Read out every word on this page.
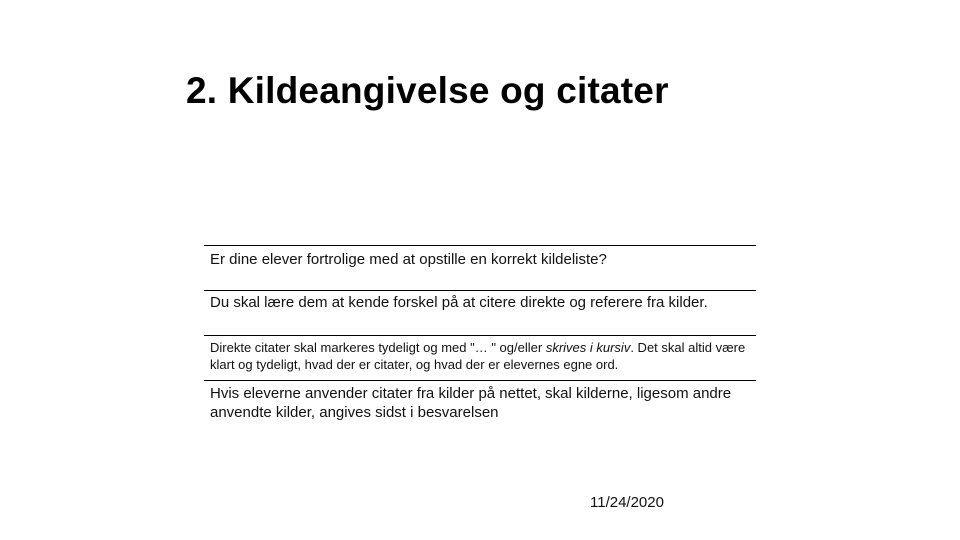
2. Kildeangivelse og citater
Er dine elever fortrolige med at opstille en korrekt kildeliste?
Du skal lære dem at kende forskel på at citere direkte og referere fra kilder.
Direkte citater skal markeres tydeligt og med "… " og/eller skrives i kursiv. Det skal altid være klart og tydeligt, hvad der er citater, og hvad der er elevernes egne ord.
Hvis eleverne anvender citater fra kilder på nettet, skal kilderne, ligesom andre anvendte kilder, angives sidst i besvarelsen
11/24/2020
